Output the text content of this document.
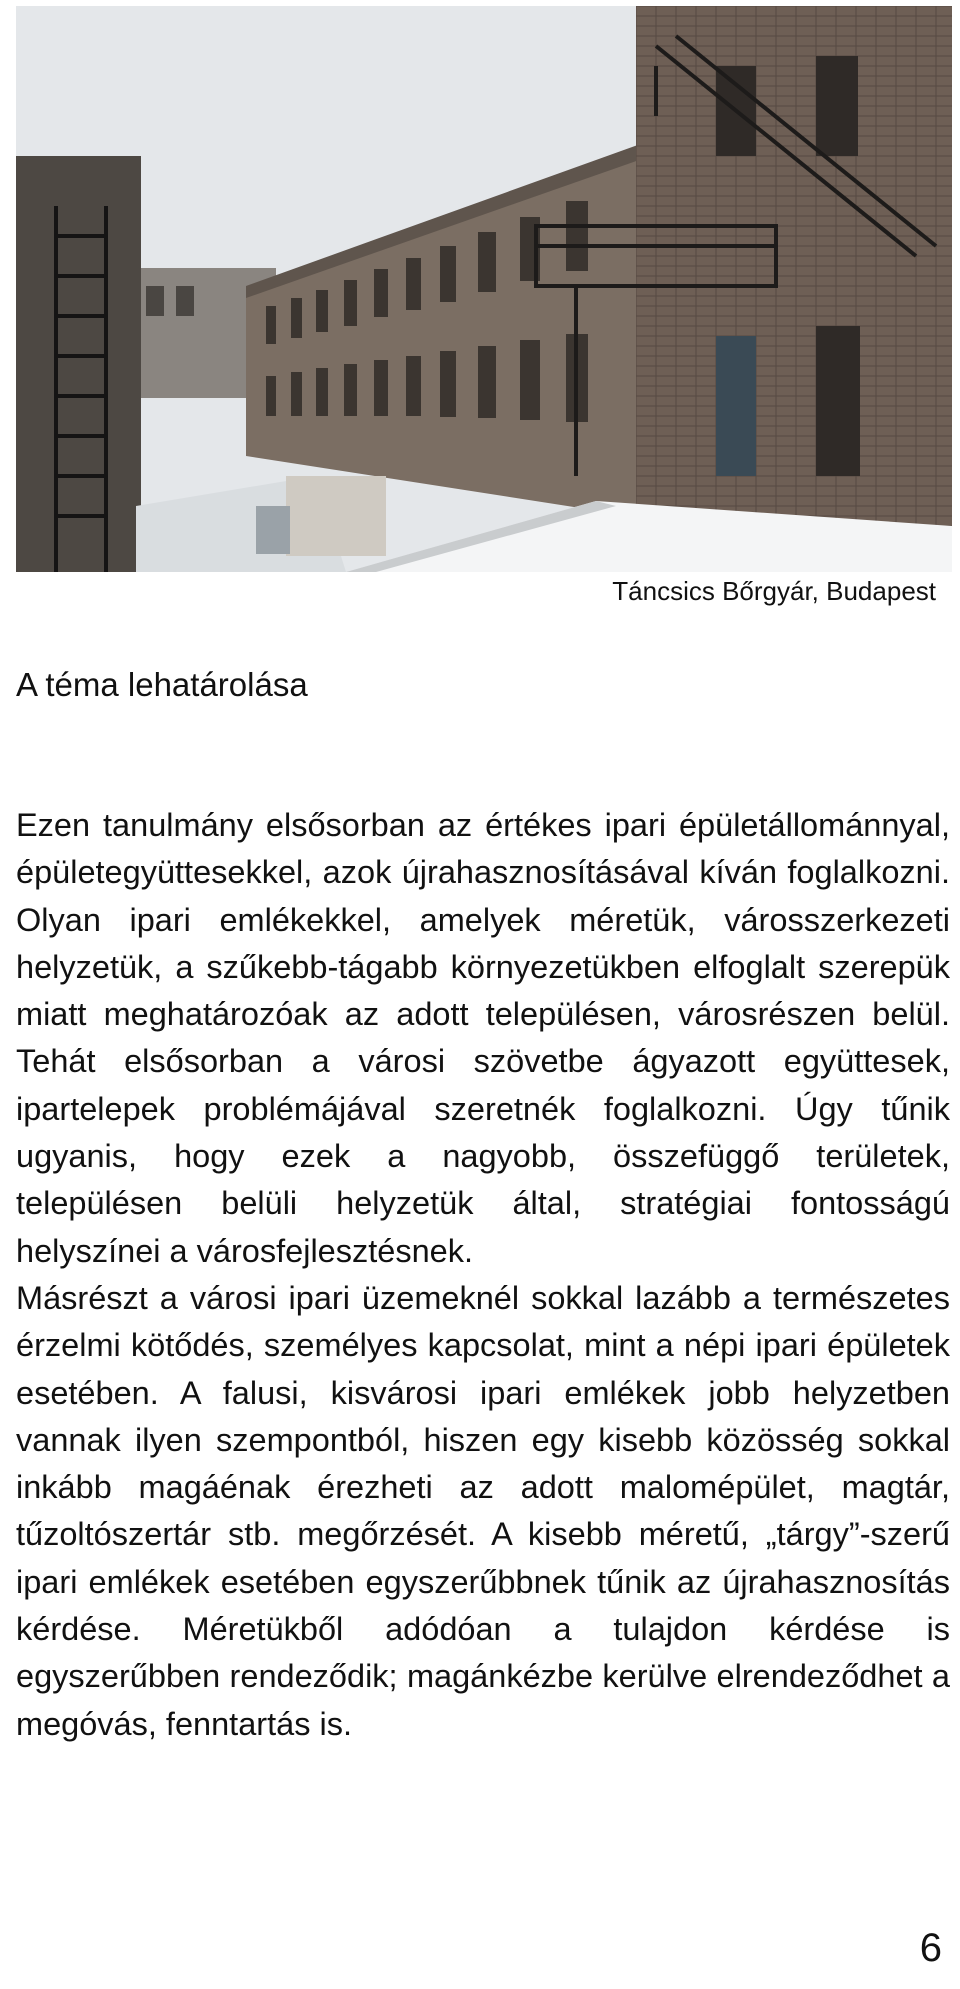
Táncsics Bőrgyár, Budapest
A téma lehatárolása

Ezen tanulmány elsősorban az értékes ipari épületállománnyal, épületegyüttesekkel, azok újrahasznosításával kíván foglalkozni. Olyan ipari emlékekkel, amelyek méretük, városszerkezeti helyzetük, a szűkebb-tágabb környezetükben elfoglalt szerepük miatt meghatározóak az adott településen, városrészen belül. Tehát elsősorban a városi szövetbe ágyazott együttesek, ipartelepek problémájával szeretnék foglalkozni. Úgy tűnik ugyanis, hogy ezek a nagyobb, összefüggő területek, településen belüli helyzetük által, stratégiai fontosságú helyszínei a városfejlesztésnek.

Másrészt a városi ipari üzemeknél sokkal lazább a természetes érzelmi kötődés, személyes kapcsolat, mint a népi ipari épületek esetében. A falusi, kisvárosi ipari emlékek jobb helyzetben vannak ilyen szempontból, hiszen egy kisebb közösség sokkal inkább magáénak érezheti az adott malomépület, magtár, tűzoltószertár stb. megőrzését. A kisebb méretű, „tárgy”-szerű ipari emlékek esetében egyszerűbbnek tűnik az újrahasznosítás kérdése. Méretükből adódóan a tulajdon kérdése is egyszerűbben rendeződik; magánkézbe kerülve elrendeződhet a megóvás, fenntartás is.

6
